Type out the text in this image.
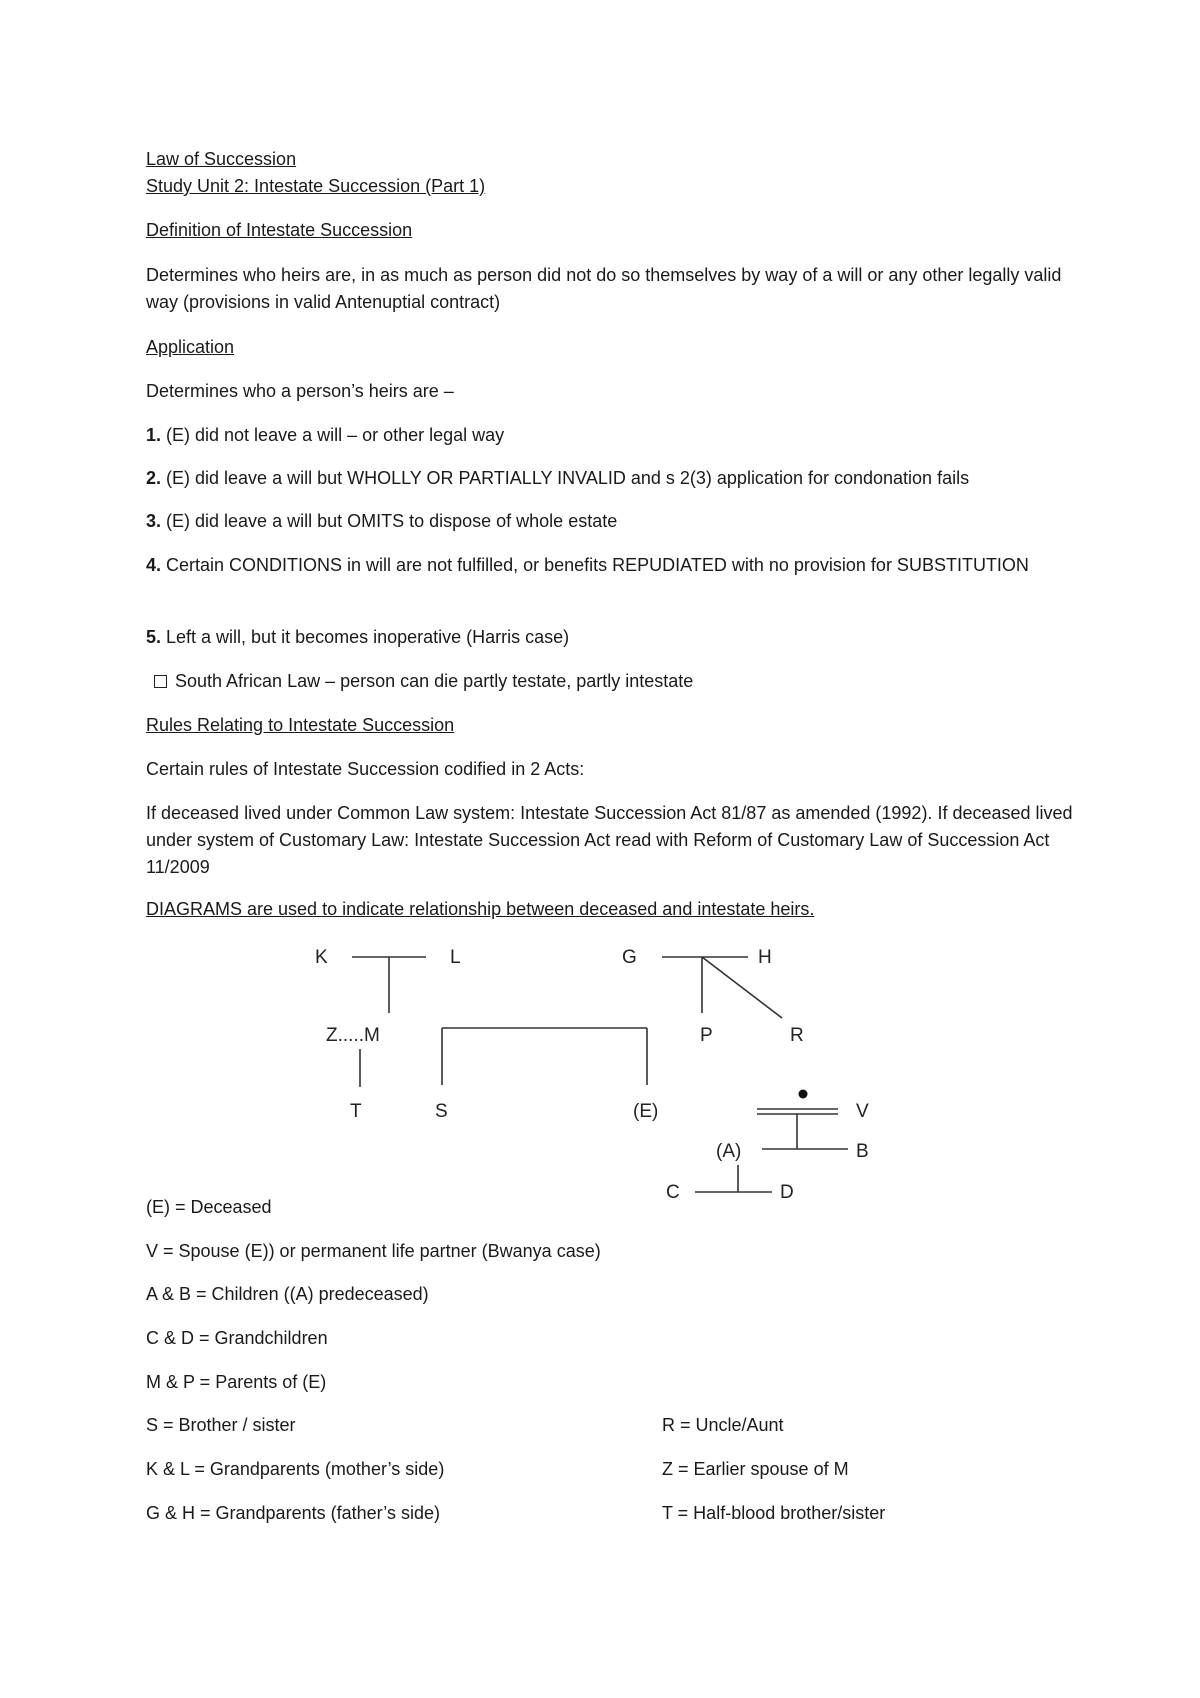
Law of Succession

Study Unit 2: Intestate Succession (Part 1)

Definition of Intestate Succession

Determines who heirs are, in as much as person did not do so themselves by way of a will or any other legally valid way (provisions in valid Antenuptial contract)

Application

Determines who a person’s heirs are –

1. (E) did not leave a will – or other legal way

2. (E) did leave a will but WHOLLY OR PARTIALLY INVALID and s 2(3) application for condonation fails

3. (E) did leave a will but OMITS to dispose of whole estate

4. Certain CONDITIONS in will are not fulfilled, or benefits REPUDIATED with no provision for SUBSTITUTION

5. Left a will, but it becomes inoperative (Harris case)

South African Law – person can die partly testate, partly intestate

Rules Relating to Intestate Succession

Certain rules of Intestate Succession codified in 2 Acts:

If deceased lived under Common Law system: Intestate Succession Act 81/87 as amended (1992). If deceased lived under system of Customary Law: Intestate Succession Act read with Reform of Customary Law of Succession Act 11/2009

DIAGRAMS are used to indicate relationship between deceased and intestate heirs.

K	L	G	H
Z.....M	P	R
T	S	(E)	V
(A)	B
C	D

(E) = Deceased

V = Spouse (E)) or permanent life partner (Bwanya case)

A & B = Children ((A) predeceased)

C & D = Grandchildren

M & P = Parents of (E)

S = Brother / sister

K & L = Grandparents (mother’s side)

G & H = Grandparents (father’s side)

R = Uncle/Aunt

Z = Earlier spouse of M

T = Half-blood brother/sister
